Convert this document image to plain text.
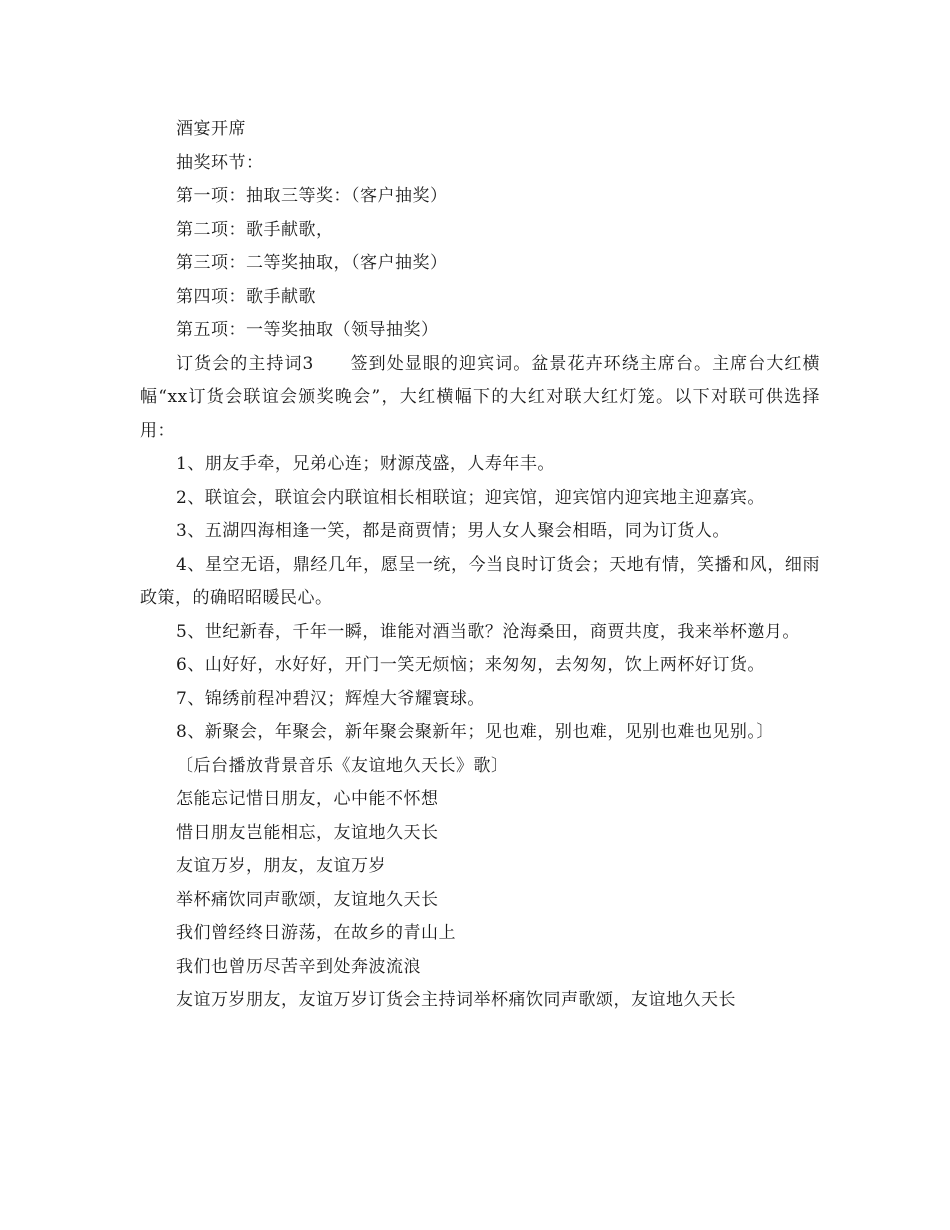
酒宴开席

抽奖环节：

第一项：抽取三等奖：（客户抽奖）

第二项：歌手献歌，

第三项：二等奖抽取，（客户抽奖）

第四项：歌手献歌

第五项：一等奖抽取（领导抽奖）

订货会的主持词3　　签到处显眼的迎宾词。盆景花卉环绕主席台。主席台大红横幅“xx订货会联谊会颁奖晚会”，大红横幅下的大红对联大红灯笼。以下对联可供选择用：

1、朋友手牵，兄弟心连；财源茂盛，人寿年丰。

2、联谊会，联谊会内联谊相长相联谊；迎宾馆，迎宾馆内迎宾地主迎嘉宾。

3、五湖四海相逢一笑，都是商贾情；男人女人聚会相晤，同为订货人。

4、星空无语，鼎经几年，愿呈一统，今当良时订货会；天地有情，笑播和风，细雨政策，的确昭昭暖民心。

5、世纪新春，千年一瞬，谁能对酒当歌？沧海桑田，商贾共度，我来举杯邀月。

6、山好好，水好好，开门一笑无烦恼；来匆匆，去匆匆，饮上两杯好订货。

7、锦绣前程冲碧汉；辉煌大爷耀寰球。

8、新聚会，年聚会，新年聚会聚新年；见也难，别也难，见别也难也见别。〕

〔后台播放背景音乐《友谊地久天长》歌〕

怎能忘记惜日朋友，心中能不怀想

惜日朋友岂能相忘，友谊地久天长

友谊万岁，朋友，友谊万岁

举杯痛饮同声歌颂，友谊地久天长

我们曾经终日游荡，在故乡的青山上

我们也曾历尽苦辛到处奔波流浪

友谊万岁朋友，友谊万岁订货会主持词举杯痛饮同声歌颂，友谊地久天长
